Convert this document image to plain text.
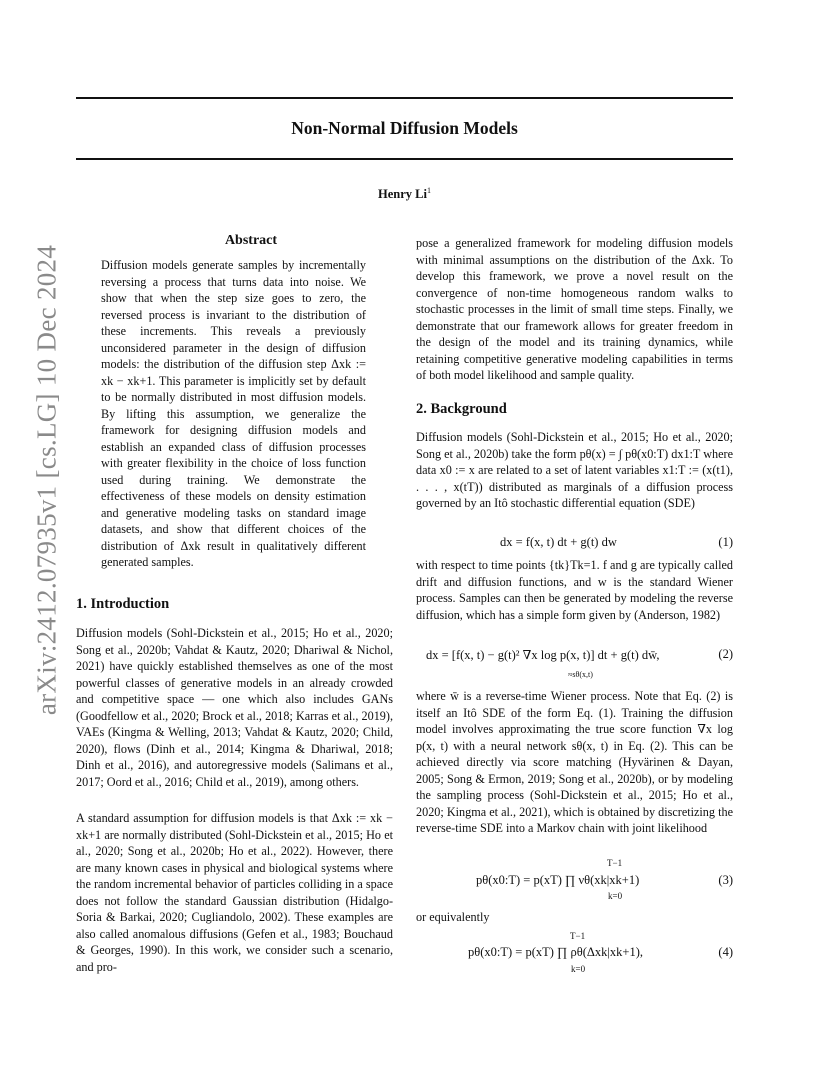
Non-Normal Diffusion Models
Henry Li$^1$
arXiv:2412.07935v1 [cs.LG] 10 Dec 2024
Abstract

Diffusion models generate samples by incrementally reversing a process that turns data into noise. We show that when the step size goes to zero, the reversed process is invariant to the distribution of these increments. This reveals a previously unconsidered parameter in the design of diffusion models: the distribution of the diffusion step Δxk := xk − xk+1. This parameter is implicitly set by default to be normally distributed in most diffusion models. By lifting this assumption, we generalize the framework for designing diffusion models and establish an expanded class of diffusion processes with greater flexibility in the choice of loss function used during training. We demonstrate the effectiveness of these models on density estimation and generative modeling tasks on standard image datasets, and show that different choices of the distribution of Δxk result in qualitatively different generated samples.

1. Introduction

Diffusion models (Sohl-Dickstein et al., 2015; Ho et al., 2020; Song et al., 2020b; Vahdat & Kautz, 2020; Dhariwal & Nichol, 2021) have quickly established themselves as one of the most powerful classes of generative models in an already crowded and competitive space — one which also includes GANs (Goodfellow et al., 2020; Brock et al., 2018; Karras et al., 2019), VAEs (Kingma & Welling, 2013; Vahdat & Kautz, 2020; Child, 2020), flows (Dinh et al., 2014; Kingma & Dhariwal, 2018; Dinh et al., 2016), and autoregressive models (Salimans et al., 2017; Oord et al., 2016; Child et al., 2019), among others.

A standard assumption for diffusion models is that Δxk := xk − xk+1 are normally distributed (Sohl-Dickstein et al., 2015; Ho et al., 2020; Song et al., 2020b; Ho et al., 2022). However, there are many known cases in physical and biological systems where the random incremental behavior of particles colliding in a space does not follow the standard Gaussian distribution (Hidalgo-Soria & Barkai, 2020; Cugliandolo, 2002). These examples are also called anomalous diffusions (Gefen et al., 1983; Bouchaud & Georges, 1990). In this work, we consider such a scenario, and pro-

pose a generalized framework for modeling diffusion models with minimal assumptions on the distribution of the Δxk. To develop this framework, we prove a novel result on the convergence of non-time homogeneous random walks to stochastic processes in the limit of small time steps. Finally, we demonstrate that our framework allows for greater freedom in the design of the model and its training dynamics, while retaining competitive generative modeling capabilities in terms of both model likelihood and sample quality.

2. Background

Diffusion models (Sohl-Dickstein et al., 2015; Ho et al., 2020; Song et al., 2020b) take the form pθ(x) = ∫ pθ(x0:T) dx1:T where data x0 := x are related to a set of latent variables x1:T := (x(t1), . . . , x(tT)) distributed as marginals of a diffusion process governed by an Itô stochastic differential equation (SDE)

dx = f(x, t) dt + g(t) dw	(1)

with respect to time points {tk}Tk=1. f and g are typically called drift and diffusion functions, and w is the standard Wiener process. Samples can then be generated by modeling the reverse diffusion, which has a simple form given by (Anderson, 1982)

dx = [f(x, t) − g(t)² ∇x log p(x, t)] dt + g(t) dw̄,
≈sθ(x,t)
(2)

where w̄ is a reverse-time Wiener process. Note that Eq. (2) is itself an Itô SDE of the form Eq. (1). Training the diffusion model involves approximating the true score function ∇x log p(x, t) with a neural network sθ(x, t) in Eq. (2). This can be achieved directly via score matching (Hyvärinen & Dayan, 2005; Song & Ermon, 2019; Song et al., 2020b), or by modeling the sampling process (Sohl-Dickstein et al., 2015; Ho et al., 2020; Kingma et al., 2021), which is obtained by discretizing the reverse-time SDE into a Markov chain with joint likelihood

T−1
pθ(x0:T) = p(xT) ∏ νθ(xk|xk+1)
k=0
(3)
or equivalently
T−1
pθ(x0:T) = p(xT) ∏ ρθ(Δxk|xk+1),
k=0
(4)
